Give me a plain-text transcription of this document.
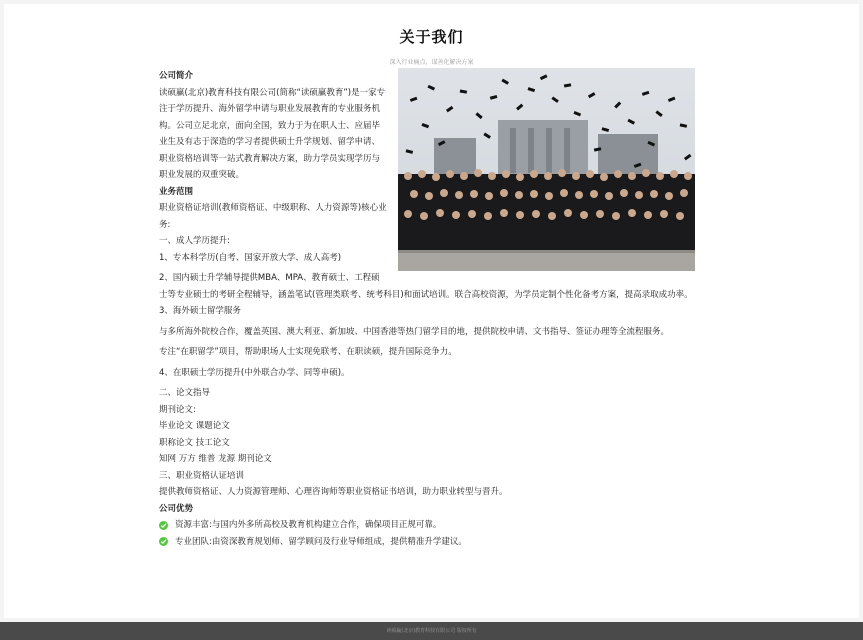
关于我们
深入行业痛点，谋善化解决方案

公司简介

读硕赢(北京)教育科技有限公司(简称“读硕赢教育”)是一家专注于学历提升、海外留学申请与职业发展教育的专业服务机构。公司立足北京，面向全国，致力于为在职人士、应届毕业生及有志于深造的学习者提供硕士升学规划、留学申请、职业资格培训等一站式教育解决方案，助力学员实现学历与职业发展的双重突破。

业务范围

职业资格证培训(教师资格证、中级职称、人力资源等)核心业务:

一、成人学历提升:

1、专本科学历(自考、国家开放大学、成人高考)

2、国内硕士升学辅导提供MBA、MPA、教育硕士、工程硕士等专业硕士的考研全程辅导，涵盖笔试(管理类联考、统考科目)和面试培训。联合高校资源，为学员定制个性化备考方案，提高录取成功率。

3、海外硕士留学服务

与多所海外院校合作，覆盖英国、澳大利亚、新加坡、中国香港等热门留学目的地，提供院校申请、文书指导、签证办理等全流程服务。

专注“在职留学”项目，帮助职场人士实现免联考、在职读硕，提升国际竞争力。

4、在职硕士学历提升(中外联合办学、同等申硕)。

二、论文指导

期刊论文:

毕业论文 课题论文

职称论文 技工论文

知网 万方 维普 龙源 期刊论文

三、职业资格认证培训

提供教师资格证、人力资源管理师、心理咨询师等职业资格证书培训，助力职业转型与晋升。

公司优势

资源丰富:与国内外多所高校及教育机构建立合作，确保项目正规可靠。
专业团队:由资深教育规划师、留学顾问及行业导师组成，提供精准升学建议。
读硕赢(北京)教育科技有限公司 版权所有
